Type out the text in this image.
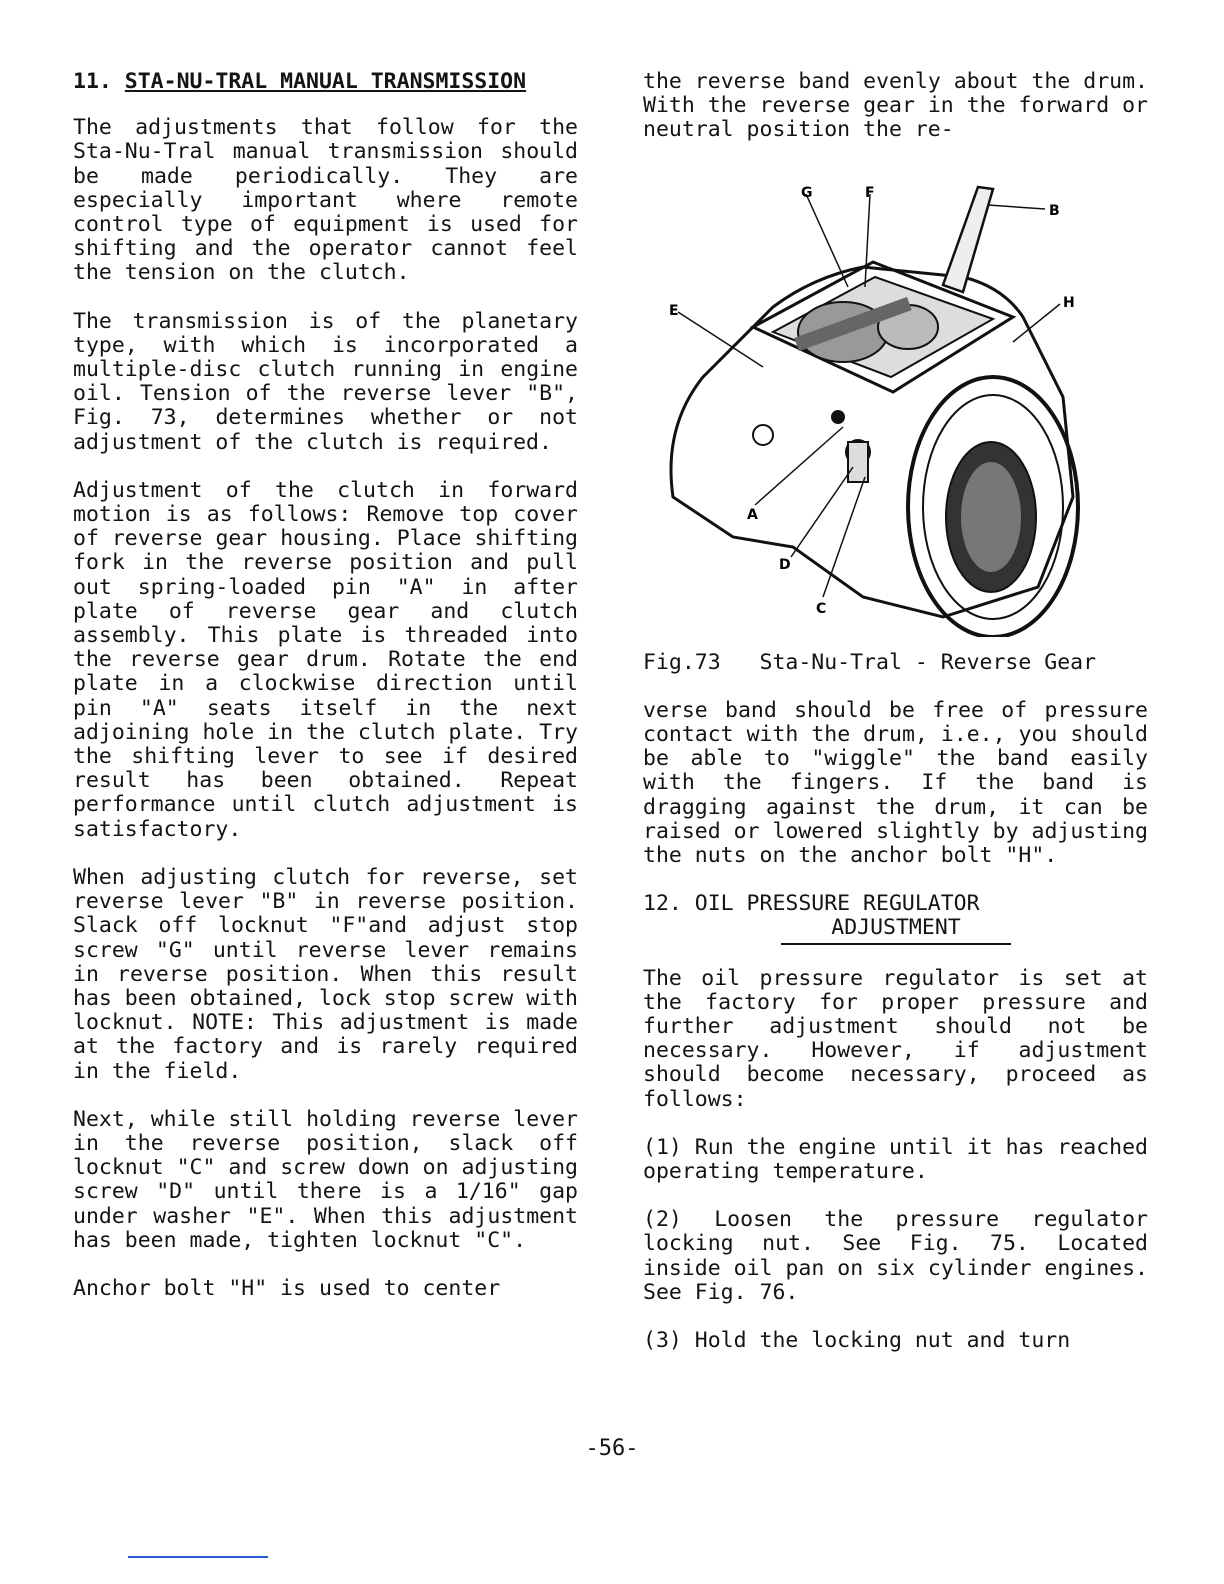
11. STA-NU-TRAL MANUAL TRANSMISSION

The adjustments that follow for the Sta-Nu-Tral manual transmission should be made periodically. They are especially important where remote control type of equipment is used for shifting and the operator cannot feel the tension on the clutch.

The transmission is of the planetary type, with which is incorporated a multiple-disc clutch running in engine oil. Tension of the reverse lever "B", Fig. 73, determines whether or not adjustment of the clutch is required.

Adjustment of the clutch in forward motion is as follows: Remove top cover of reverse gear housing. Place shifting fork in the reverse position and pull out spring-loaded pin "A" in after plate of reverse gear and clutch assembly. This plate is threaded into the reverse gear drum. Rotate the end plate in a clockwise direction until pin "A" seats itself in the next adjoining hole in the clutch plate. Try the shifting lever to see if desired result has been obtained. Repeat performance until clutch adjustment is satisfactory.

When adjusting clutch for reverse, set reverse lever "B" in reverse position. Slack off locknut "F"and adjust stop screw "G" until reverse lever remains in reverse position. When this result has been obtained, lock stop screw with locknut. NOTE: This adjustment is made at the factory and is rarely required in the field.

Next, while still holding reverse lever in the reverse position, slack off locknut "C" and screw down on adjusting screw "D" until there is a 1/16" gap under washer "E". When this adjustment has been made, tighten locknut "C".

Anchor bolt "H" is used to center

the reverse band evenly about the drum. With the reverse gear in the forward or neutral position the re-

G	F
B
E	H
A
D
C
Fig.73   Sta-Nu-Tral - Reverse Gear

verse band should be free of pressure contact with the drum, i.e., you should be able to "wiggle" the band easily with the fingers. If the band is dragging against the drum, it can be raised or lowered slightly by adjusting the nuts on the anchor bolt "H".

12. OIL PRESSURE REGULATOR
ADJUSTMENT

The oil pressure regulator is set at the factory for proper pressure and further adjustment should not be necessary. However, if adjustment should become necessary, proceed as follows:

(1) Run the engine until it has reached operating temperature.

(2) Loosen the pressure regulator locking nut. See Fig. 75. Located inside oil pan on six cylinder engines. See Fig. 76.

(3) Hold the locking nut and turn

-56-
